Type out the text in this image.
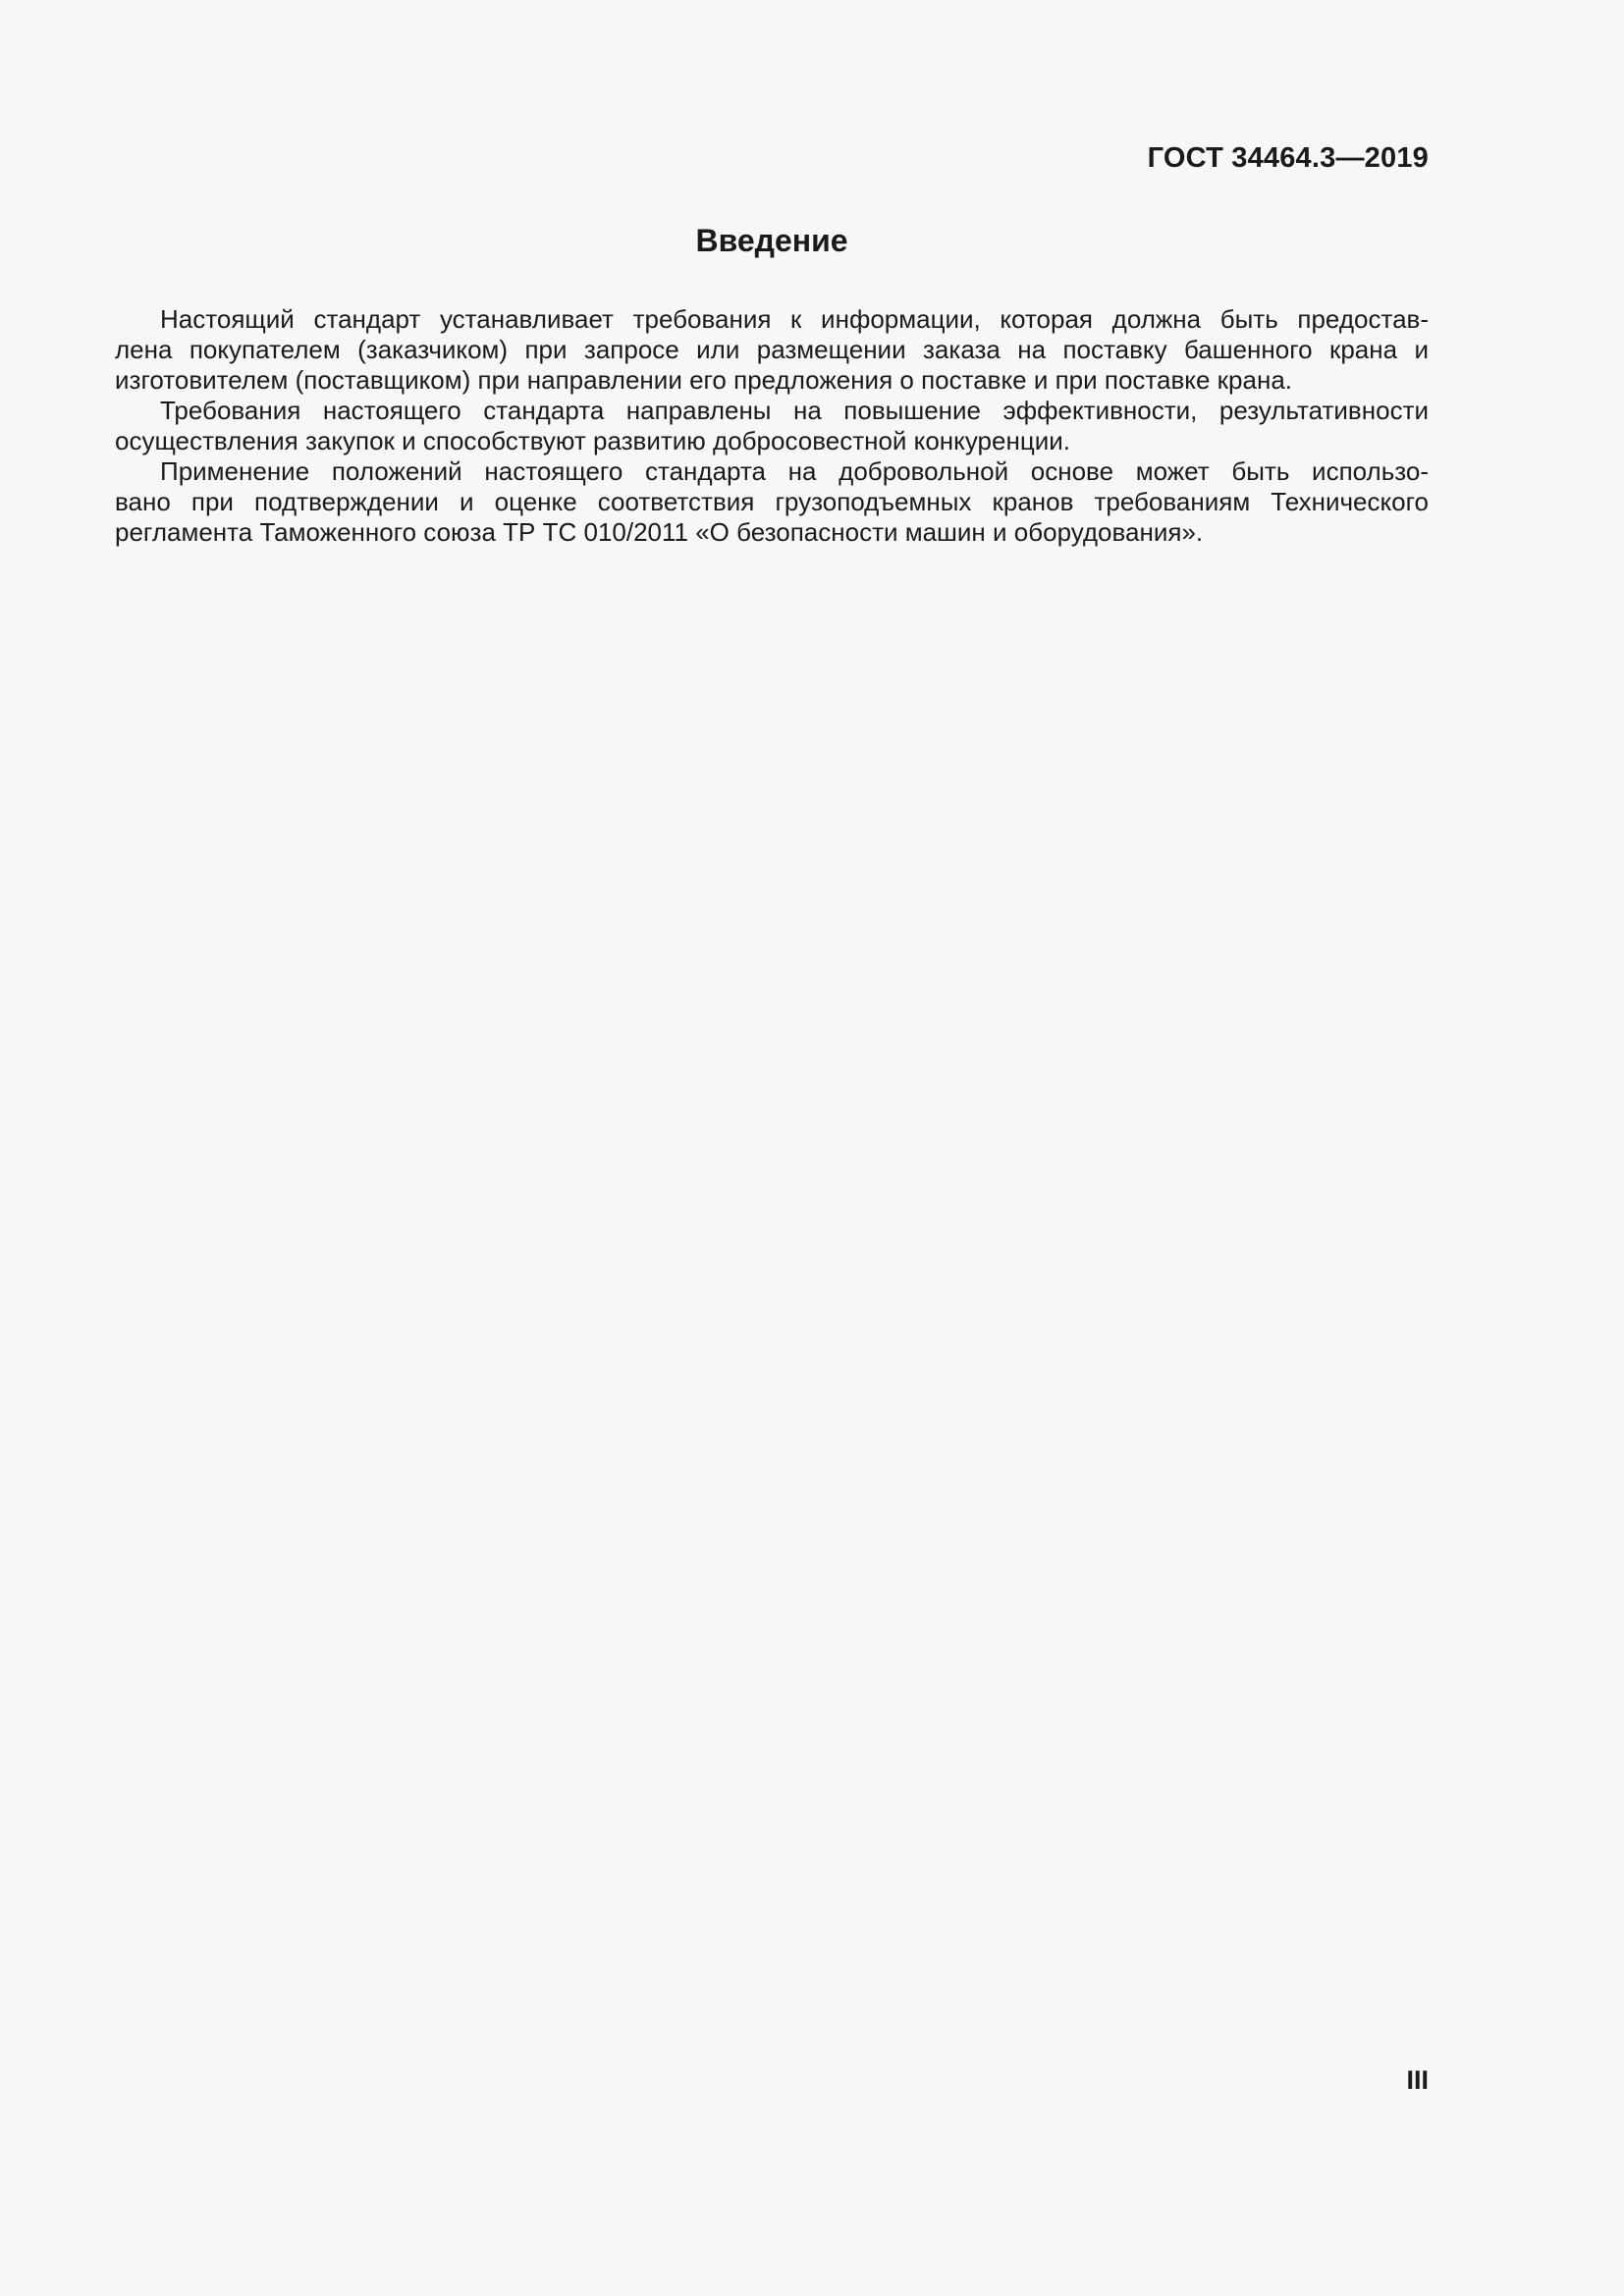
ГОСТ 34464.3—2019
Введение
Настоящий стандарт устанавливает требования к информации, которая должна быть предостав-
лена покупателем (заказчиком) при запросе или размещении заказа на поставку башенного крана и
изготовителем (поставщиком) при направлении его предложения о поставке и при поставке крана.
Требования настоящего стандарта направлены на повышение эффективности, результативности
осуществления закупок и способствуют развитию добросовестной конкуренции.
Применение положений настоящего стандарта на добровольной основе может быть использо-
вано при подтверждении и оценке соответствия грузоподъемных кранов требованиям Технического
регламента Таможенного союза ТР ТС 010/2011 «О безопасности машин и оборудования».
III
